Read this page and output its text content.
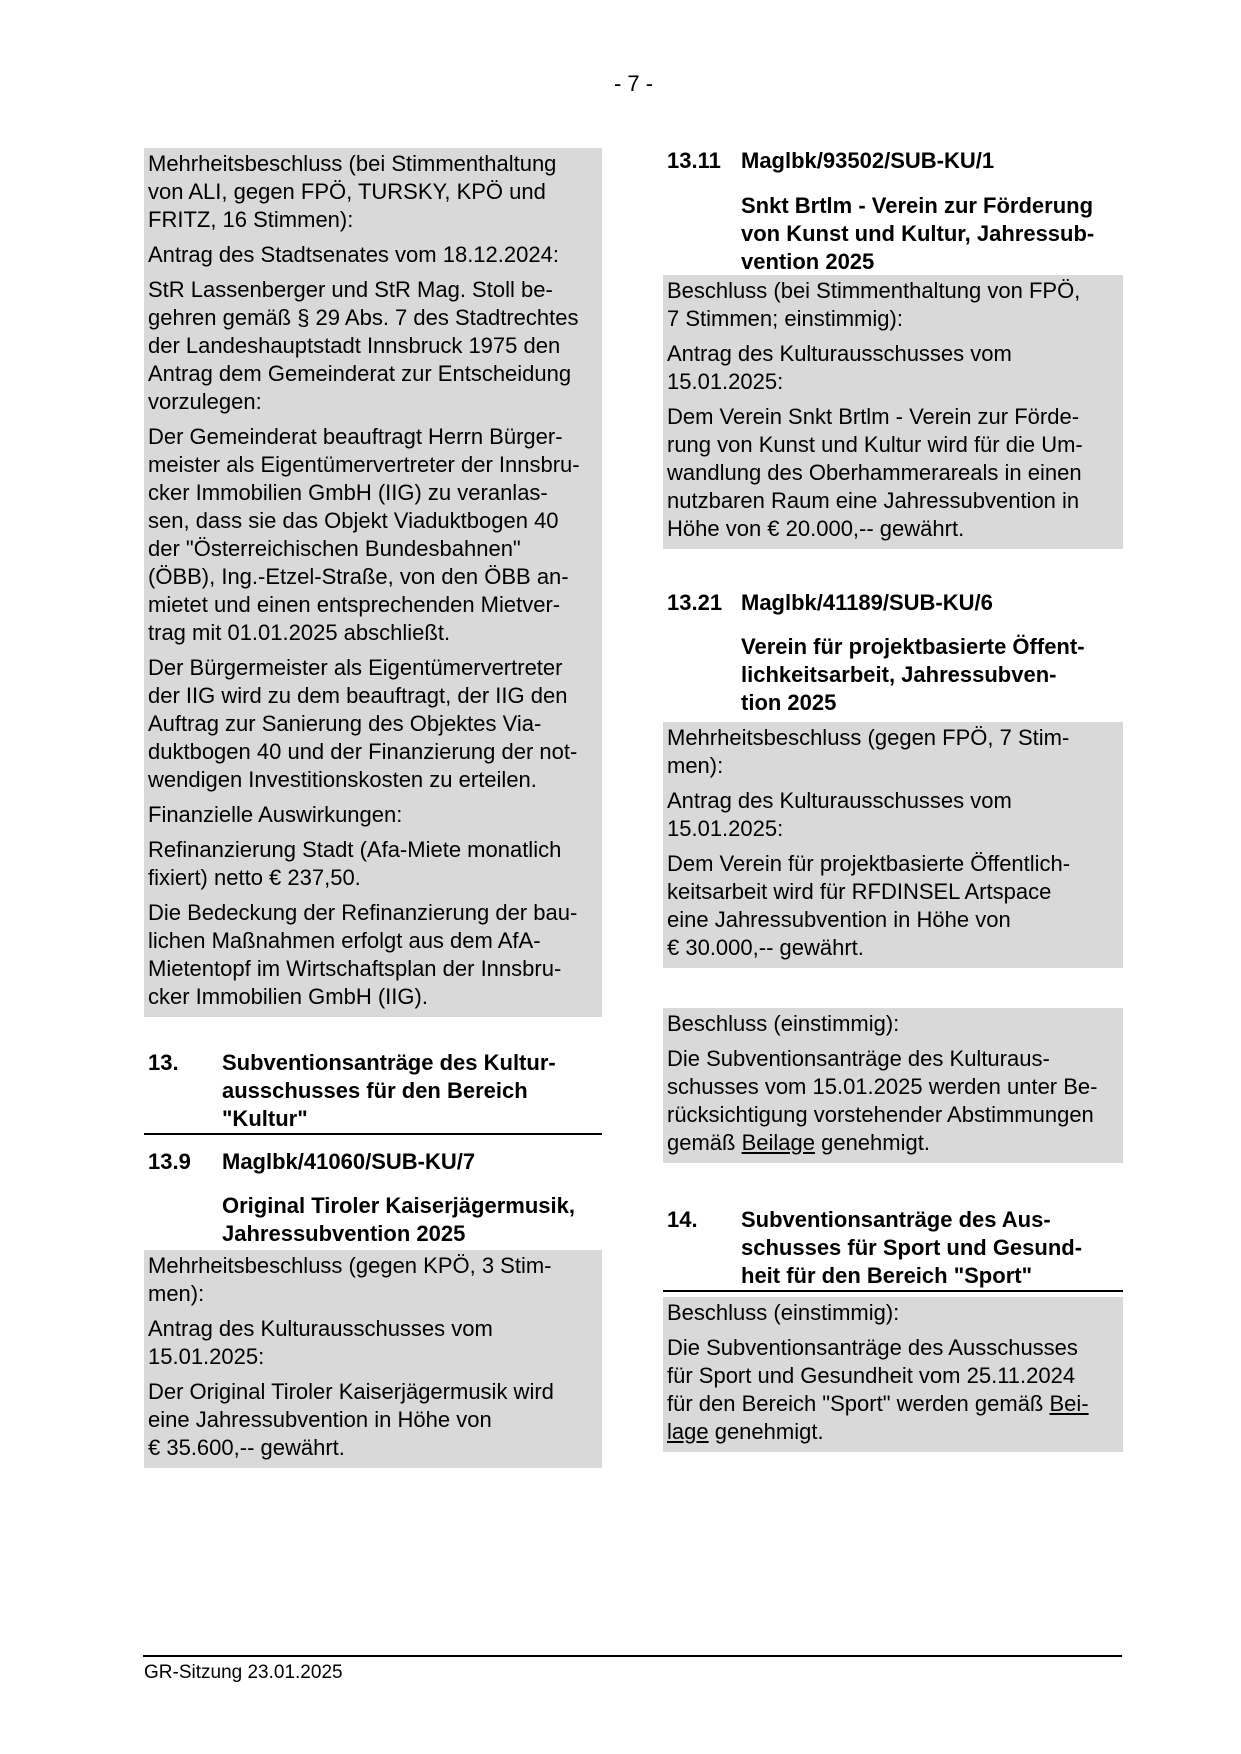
- 7 -

Mehrheitsbeschluss (bei Stimmenthaltung
von ALI, gegen FPÖ, TURSKY, KPÖ und
FRITZ, 16 Stimmen):

Antrag des Stadtsenates vom 18.12.2024:

StR Lassenberger und StR Mag. Stoll be-
gehren gemäß § 29 Abs. 7 des Stadtrechtes
der Landeshauptstadt Innsbruck 1975 den
Antrag dem Gemeinderat zur Entscheidung
vorzulegen:

Der Gemeinderat beauftragt Herrn Bürger-
meister als Eigentümervertreter der Innsbru-
cker Immobilien GmbH (IIG) zu veranlas-
sen, dass sie das Objekt Viaduktbogen 40
der "Österreichischen Bundesbahnen"
(ÖBB), Ing.-Etzel-Straße, von den ÖBB an-
mietet und einen entsprechenden Mietver-
trag mit 01.01.2025 abschließt.

Der Bürgermeister als Eigentümervertreter
der IIG wird zu dem beauftragt, der IIG den
Auftrag zur Sanierung des Objektes Via-
duktbogen 40 und der Finanzierung der not-
wendigen Investitionskosten zu erteilen.

Finanzielle Auswirkungen:

Refinanzierung Stadt (Afa-Miete monatlich
fixiert) netto € 237,50.

Die Bedeckung der Refinanzierung der bau-
lichen Maßnahmen erfolgt aus dem AfA-
Mietentopf im Wirtschaftsplan der Innsbru-
cker Immobilien GmbH (IIG).

13.	Subventionsanträge des Kultur-
ausschusses für den Bereich
"Kultur"
13.9	Maglbk/41060/SUB-KU/7
Original Tiroler Kaiserjägermusik,
Jahressubvention 2025

Mehrheitsbeschluss (gegen KPÖ, 3 Stim-
men):

Antrag des Kulturausschusses vom
15.01.2025:

Der Original Tiroler Kaiserjägermusik wird
eine Jahressubvention in Höhe von
€ 35.600,-- gewährt.

13.11 Maglbk/93502/SUB-KU/1
Snkt Brtlm - Verein zur Förderung
von Kunst und Kultur, Jahressub-
vention 2025

Beschluss (bei Stimmenthaltung von FPÖ,
7 Stimmen; einstimmig):

Antrag des Kulturausschusses vom
15.01.2025:

Dem Verein Snkt Brtlm - Verein zur Förde-
rung von Kunst und Kultur wird für die Um-
wandlung des Oberhammerareals in einen
nutzbaren Raum eine Jahressubvention in
Höhe von € 20.000,-- gewährt.

13.21 Maglbk/41189/SUB-KU/6
Verein für projektbasierte Öffent-
lichkeitsarbeit, Jahressubven-
tion 2025

Mehrheitsbeschluss (gegen FPÖ, 7 Stim-
men):

Antrag des Kulturausschusses vom
15.01.2025:

Dem Verein für projektbasierte Öffentlich-
keitsarbeit wird für RFDINSEL Artspace
eine Jahressubvention in Höhe von
€ 30.000,-- gewährt.

Beschluss (einstimmig):

Die Subventionsanträge des Kulturaus-
schusses vom 15.01.2025 werden unter Be-
rücksichtigung vorstehender Abstimmungen
gemäß Beilage genehmigt.

14.	Subventionsanträge des Aus-
schusses für Sport und Gesund-
heit für den Bereich "Sport"

Beschluss (einstimmig):

Die Subventionsanträge des Ausschusses
für Sport und Gesundheit vom 25.11.2024
für den Bereich "Sport" werden gemäß Bei-
lage genehmigt.

GR-Sitzung 23.01.2025
